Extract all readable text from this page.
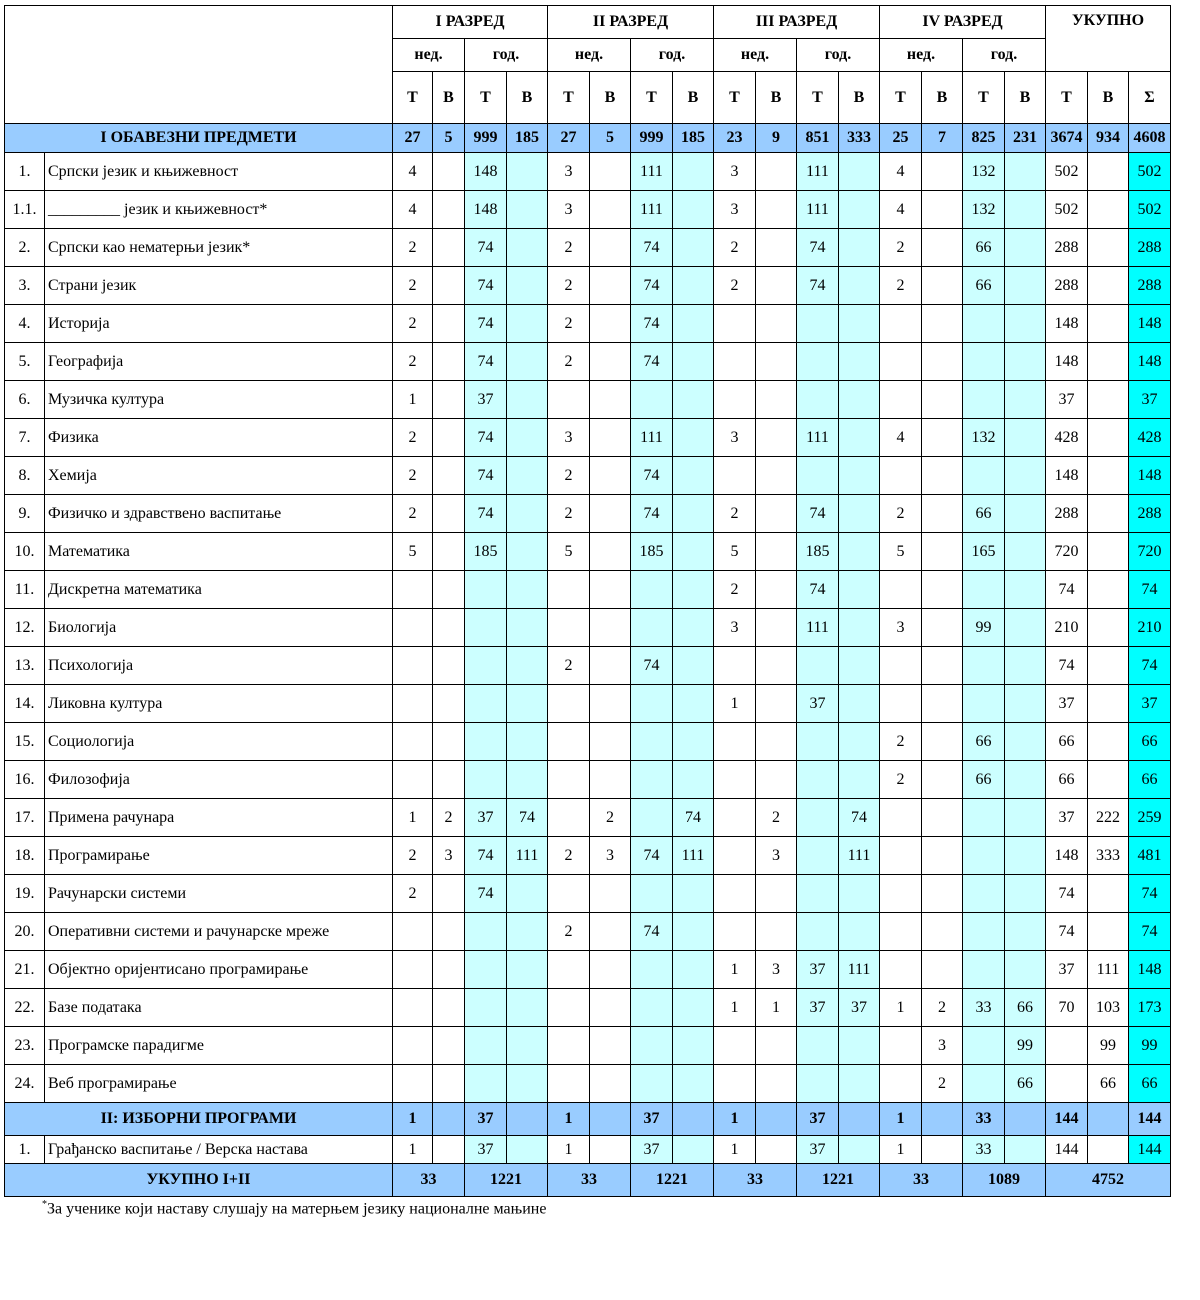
		I РАЗРЕД				II РАЗРЕД				III РАЗРЕД				IV РАЗРЕД				УКУПНО		
		нед.		год.		нед.		год.		нед.		год.		нед.		год.				
		Т	В	Т	В	Т	В	Т	В	Т	В	Т	В	Т	В	Т	В	Т	В	Σ
I ОБАВЕЗНИ ПРЕДМЕТИ		27	5	999	185	27	5	999	185	23	9	851	333	25	7	825	231	3674	934	4608
1.	Српски језик и књижевност	4		148		3		111		3		111		4		132		502		502
1.1.	_________ језик и књижевност*	4		148		3		111		3		111		4		132		502		502
2.	Српски као нематерњи језик*	2		74		2		74		2		74		2		66		288		288
3.	Страни језик	2		74		2		74		2		74		2		66		288		288
4.	Историја	2		74		2		74										148		148
5.	Географија	2		74		2		74										148		148
6.	Музичка култура	1		37														37		37
7.	Физика	2		74		3		111		3		111		4		132		428		428
8.	Хемија	2		74		2		74										148		148
9.	Физичко и здравствено васпитање	2		74		2		74		2		74		2		66		288		288
10.	Математика	5		185		5		185		5		185		5		165		720		720
11.	Дискретна математика									2		74						74		74
12.	Биологија									3		111		3		99		210		210
13.	Психологија					2		74										74		74
14.	Ликовна култура									1		37						37		37
15.	Социологија													2		66		66		66
16.	Филозофија													2		66		66		66
17.	Примена рачунара	1	2	37	74		2		74		2		74					37	222	259
18.	Програмирање	2	3	74	111	2	3	74	111		3		111					148	333	481
19.	Рачунарски системи	2		74														74		74
20.	Оперативни системи и рачунарске мреже					2		74										74		74
21.	Објектно оријентисано програмирање									1	3	37	111					37	111	148
22.	Базе података									1	1	37	37	1	2	33	66	70	103	173
23.	Програмске парадигме														3		99		99	99
24.	Веб програмирање														2		66		66	66
II: ИЗБОРНИ ПРОГРАМИ		1		37		1		37		1		37		1		33		144		144
1.	Грађанско васпитање / Верска настава	1		37		1		37		1		37		1		33		144		144
УКУПНО I+II		33		1221		33		1221		33		1221		33		1089		4752		
*За ученике који наставу слушају на матерњем језику националне мањине
